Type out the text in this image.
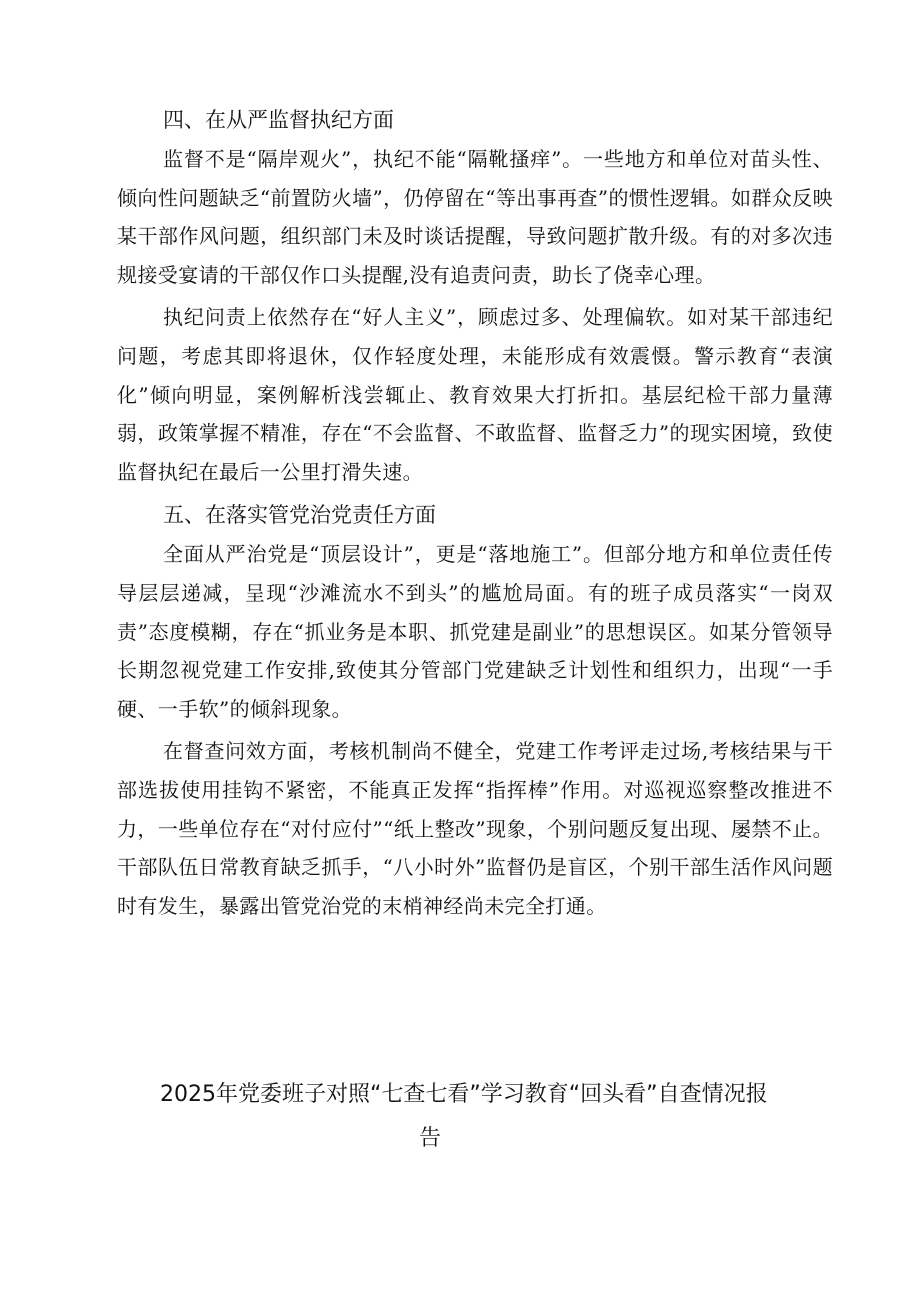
四、在从严监督执纪方面

监督不是“隔岸观火”，执纪不能“隔靴搔痒”。一些地方和单位对苗头性、倾向性问题缺乏“前置防火墙”，仍停留在“等出事再查”的惯性逻辑。如群众反映某干部作风问题，组织部门未及时谈话提醒，导致问题扩散升级。有的对多次违规接受宴请的干部仅作口头提醒,没有追责问责，助长了侥幸心理。

执纪问责上依然存在“好人主义”，顾虑过多、处理偏软。如对某干部违纪问题，考虑其即将退休，仅作轻度处理，未能形成有效震慑。警示教育“表演化”倾向明显，案例解析浅尝辄止、教育效果大打折扣。基层纪检干部力量薄弱，政策掌握不精准，存在“不会监督、不敢监督、监督乏力”的现实困境，致使监督执纪在最后一公里打滑失速。

五、在落实管党治党责任方面

全面从严治党是“顶层设计”，更是“落地施工”。但部分地方和单位责任传导层层递减，呈现“沙滩流水不到头”的尴尬局面。有的班子成员落实“一岗双责”态度模糊，存在“抓业务是本职、抓党建是副业”的思想误区。如某分管领导长期忽视党建工作安排,致使其分管部门党建缺乏计划性和组织力，出现“一手硬、一手软”的倾斜现象。

在督查问效方面，考核机制尚不健全，党建工作考评走过场,考核结果与干部选拔使用挂钩不紧密，不能真正发挥“指挥棒”作用。对巡视巡察整改推进不力，一些单位存在“对付应付”“纸上整改”现象，个别问题反复出现、屡禁不止。干部队伍日常教育缺乏抓手，“八小时外”监督仍是盲区，个别干部生活作风问题时有发生，暴露出管党治党的末梢神经尚未完全打通。

2025年党委班子对照“七查七看”学习教育“回头看”自查情况报

告
